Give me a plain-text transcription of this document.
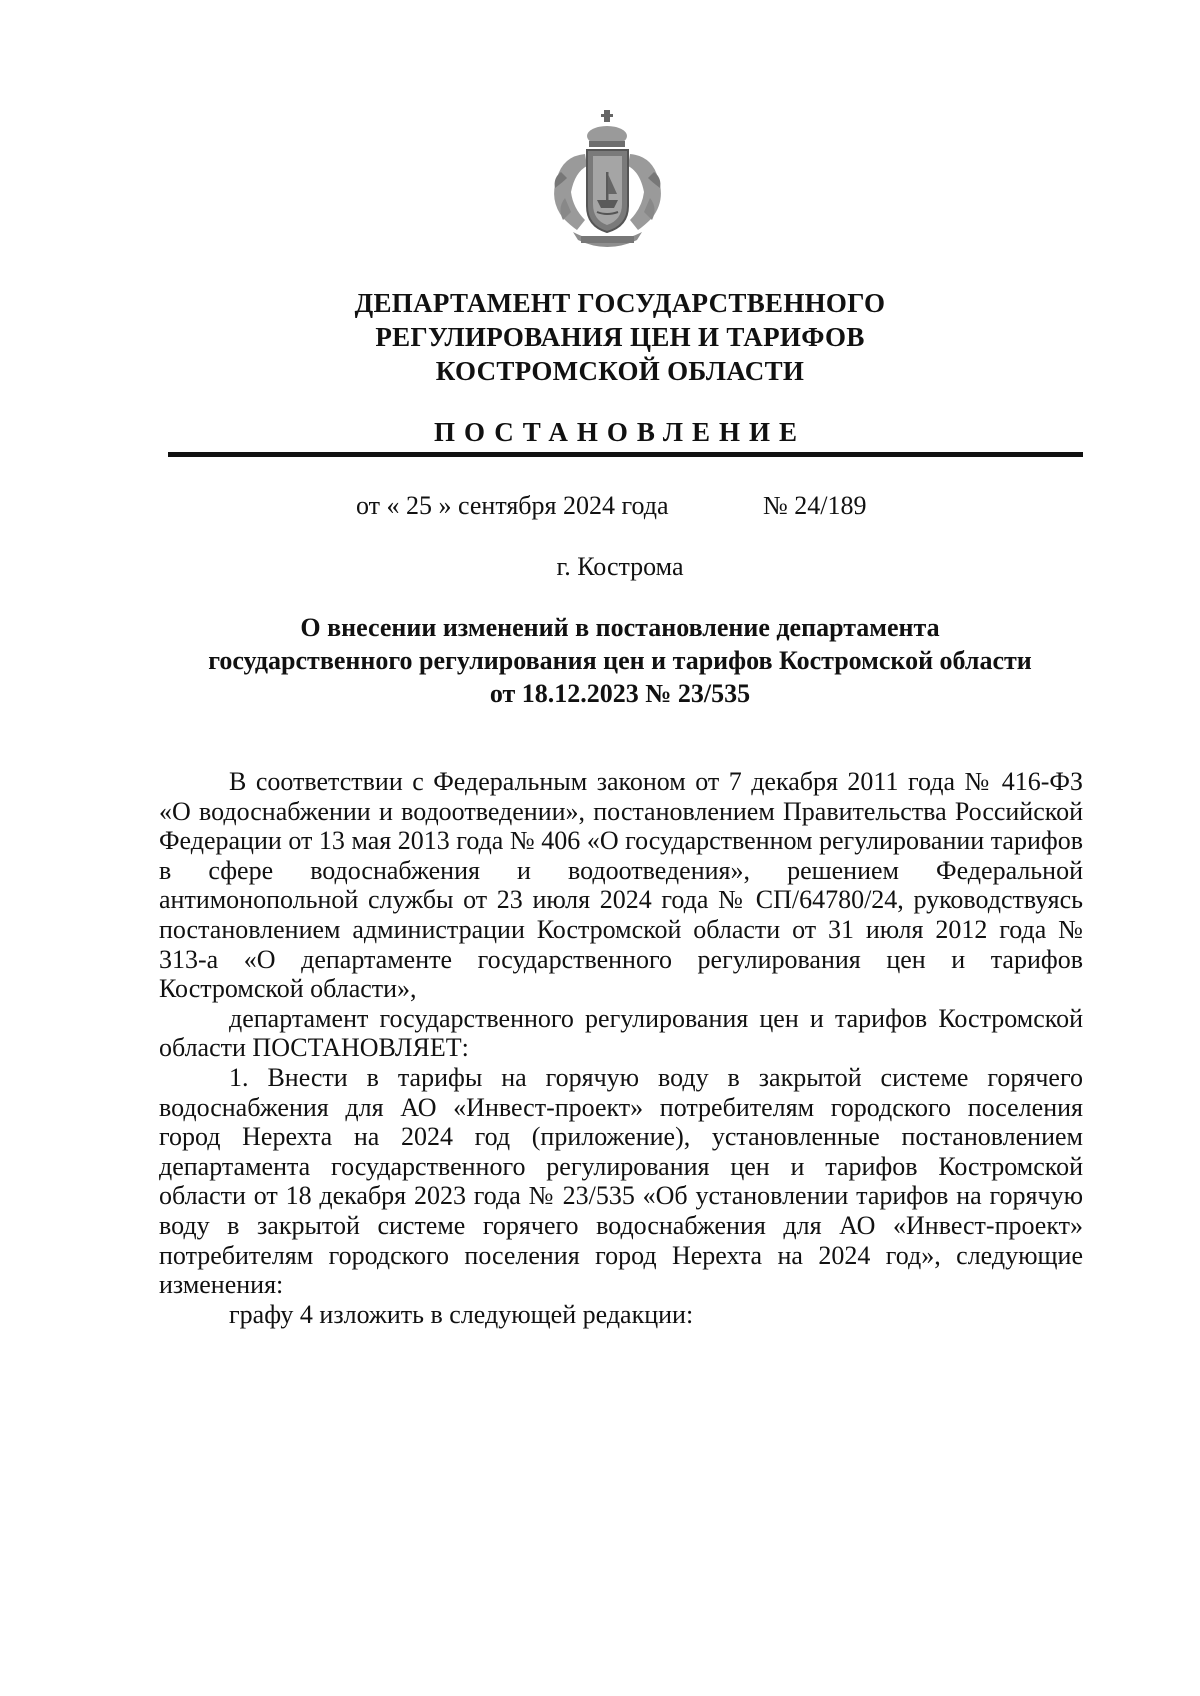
ДЕПАРТАМЕНТ ГОСУДАРСТВЕННОГО
РЕГУЛИРОВАНИЯ ЦЕН И ТАРИФОВ
КОСТРОМСКОЙ ОБЛАСТИ
ПОСТАНОВЛЕНИЕ
от « 25 » сентября 2024 года	№ 24/189
г. Кострома
О внесении изменений в постановление департамента
государственного регулирования цен и тарифов Костромской области
от 18.12.2023 № 23/535

В соответствии с Федеральным законом от 7 декабря 2011 года № 416-ФЗ «О водоснабжении и водоотведении», постановлением Правительства Российской Федерации от 13 мая 2013 года № 406 «О государственном регулировании тарифов в сфере водоснабжения и водоотведения», решением Федеральной антимонопольной службы от 23 июля 2024 года № СП/64780/24, руководствуясь постановлением администрации Костромской области от 31 июля 2012 года № 313-а «О департаменте государственного регулирования цен и тарифов Костромской области»,

департамент государственного регулирования цен и тарифов Костромской области ПОСТАНОВЛЯЕТ:

1. Внести в тарифы на горячую воду в закрытой системе горячего водоснабжения для АО «Инвест-проект» потребителям городского поселения город Нерехта на 2024 год (приложение), установленные постановлением департамента государственного регулирования цен и тарифов Костромской области от 18 декабря 2023 года № 23/535 «Об установлении тарифов на горячую воду в закрытой системе горячего водоснабжения для АО «Инвест-проект» потребителям городского поселения город Нерехта на 2024 год», следующие изменения:

графу 4 изложить в следующей редакции:
